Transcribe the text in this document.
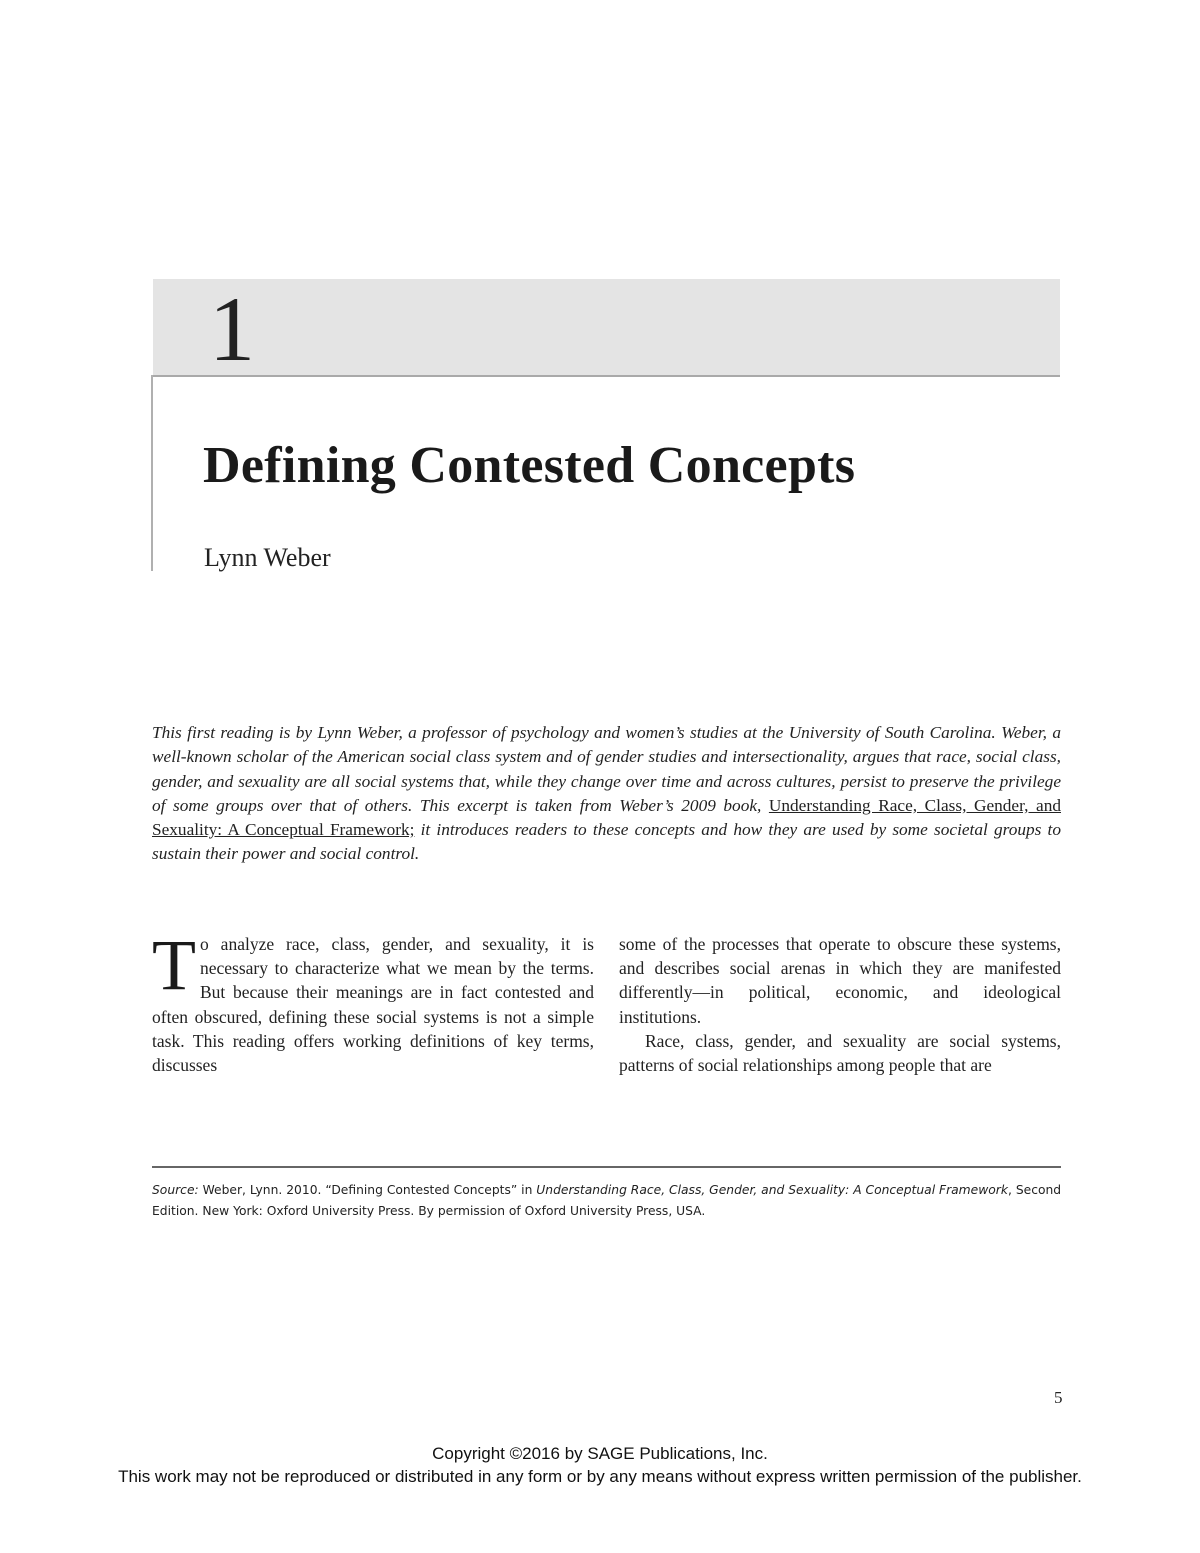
1
Defining Contested Concepts
Lynn Weber

This first reading is by Lynn Weber, a professor of psychology and women’s studies at the University of South Carolina. Weber, a well-known scholar of the American social class system and of gender studies and intersectionality, argues that race, social class, gender, and sexuality are all social systems that, while they change over time and across cultures, persist to preserve the privilege of some groups over that of others. This excerpt is taken from Weber’s 2009 book, Understanding Race, Class, Gender, and Sexuality: A Conceptual Framework; it introduces readers to these concepts and how they are used by some societal groups to sustain their power and social control.

To analyze race, class, gender, and sexuality, it is necessary to characterize what we mean by the terms. But because their meanings are in fact contested and often obscured, defining these social systems is not a simple task. This reading offers working definitions of key terms, discusses

some of the processes that operate to obscure these systems, and describes social arenas in which they are manifested differently—in political, economic, and ideological institutions.

Race, class, gender, and sexuality are social systems, patterns of social relationships among people that are

Source: Weber, Lynn. 2010. “Defining Contested Concepts” in Understanding Race, Class, Gender, and Sexuality: A Conceptual Framework, Second Edition. New York: Oxford University Press. By permission of Oxford University Press, USA.
5
Copyright ©2016 by SAGE Publications, Inc.
This work may not be reproduced or distributed in any form or by any means without express written permission of the publisher.
